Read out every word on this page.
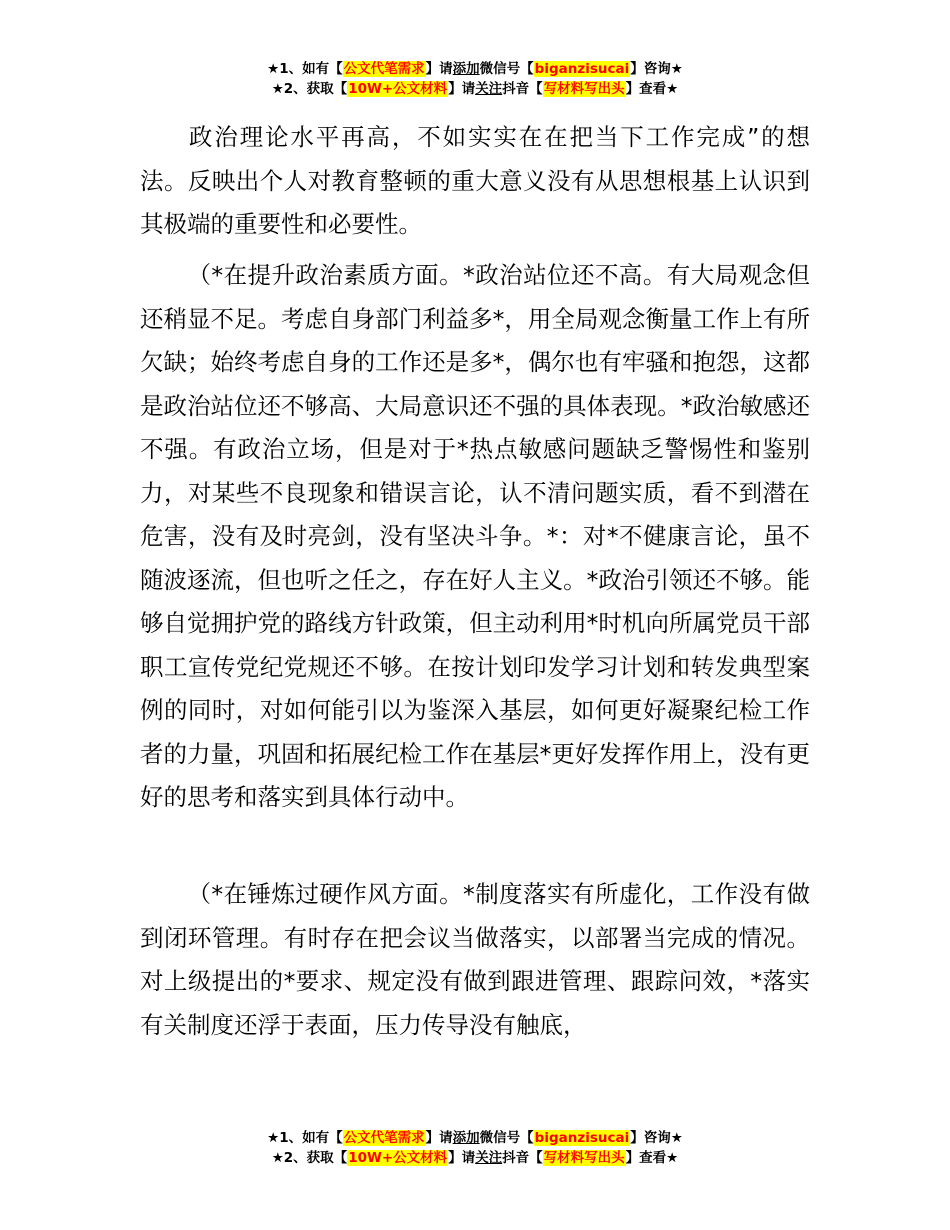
★1、如有【公文代笔需求】请添加微信号【biganzisucai】咨询★
★2、获取【10W+公文材料】请关注抖音【写材料写出头】查看★

政治理论水平再高，不如实实在在把当下工作完成”的想法。反映出个人对教育整顿的重大意义没有从思想根基上认识到其极端的重要性和必要性。

（*在提升政治素质方面。*政治站位还不高。有大局观念但还稍显不足。考虑自身部门利益多*，用全局观念衡量工作上有所欠缺；始终考虑自身的工作还是多*，偶尔也有牢骚和抱怨，这都是政治站位还不够高、大局意识还不强的具体表现。*政治敏感还不强。有政治立场，但是对于*热点敏感问题缺乏警惕性和鉴别力，对某些不良现象和错误言论，认不清问题实质，看不到潜在危害，没有及时亮剑，没有坚决斗争。*：对*不健康言论，虽不随波逐流，但也听之任之，存在好人主义。*政治引领还不够。能够自觉拥护党的路线方针政策，但主动利用*时机向所属党员干部职工宣传党纪党规还不够。在按计划印发学习计划和转发典型案例的同时，对如何能引以为鉴深入基层，如何更好凝聚纪检工作者的力量，巩固和拓展纪检工作在基层*更好发挥作用上，没有更好的思考和落实到具体行动中。

（*在锤炼过硬作风方面。*制度落实有所虚化，工作没有做到闭环管理。有时存在把会议当做落实，以部署当完成的情况。对上级提出的*要求、规定没有做到跟进管理、跟踪问效，*落实有关制度还浮于表面，压力传导没有触底，

★1、如有【公文代笔需求】请添加微信号【biganzisucai】咨询★
★2、获取【10W+公文材料】请关注抖音【写材料写出头】查看★
